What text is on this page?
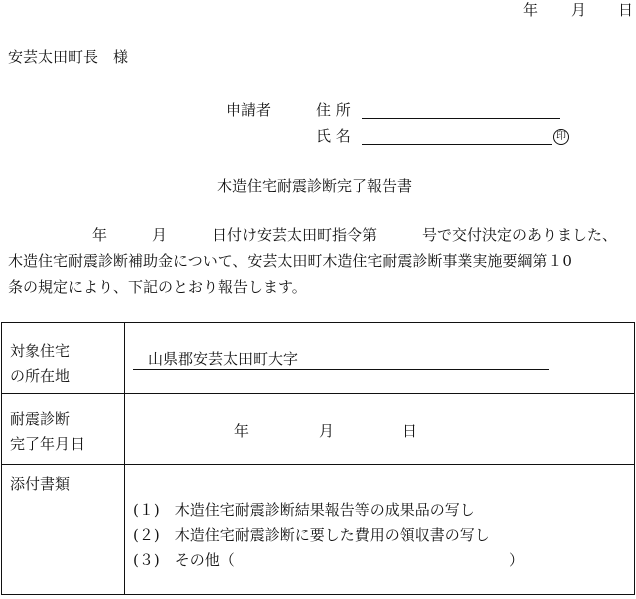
年 月 日
安芸太田町長　様
申請者	住 所
氏 名	印
木造住宅耐震診断完了報告書
年　　　月　　　日付け安芸太田町指令第　　　号で交付決定のありました、
木造住宅耐震診断補助金について、安芸太田町木造住宅耐震診断事業実施要綱第１0
条の規定により、下記のとおり報告します。
対象住宅
の所在地	山県郡安芸太田町大字

耐震診断
完了年月日	年 月 日

添付書類	(１)　木造住宅耐震診断結果報告等の成果品の写し
(２)　木造住宅耐震診断に要した費用の領収書の写し
(３)　その他（ ）
